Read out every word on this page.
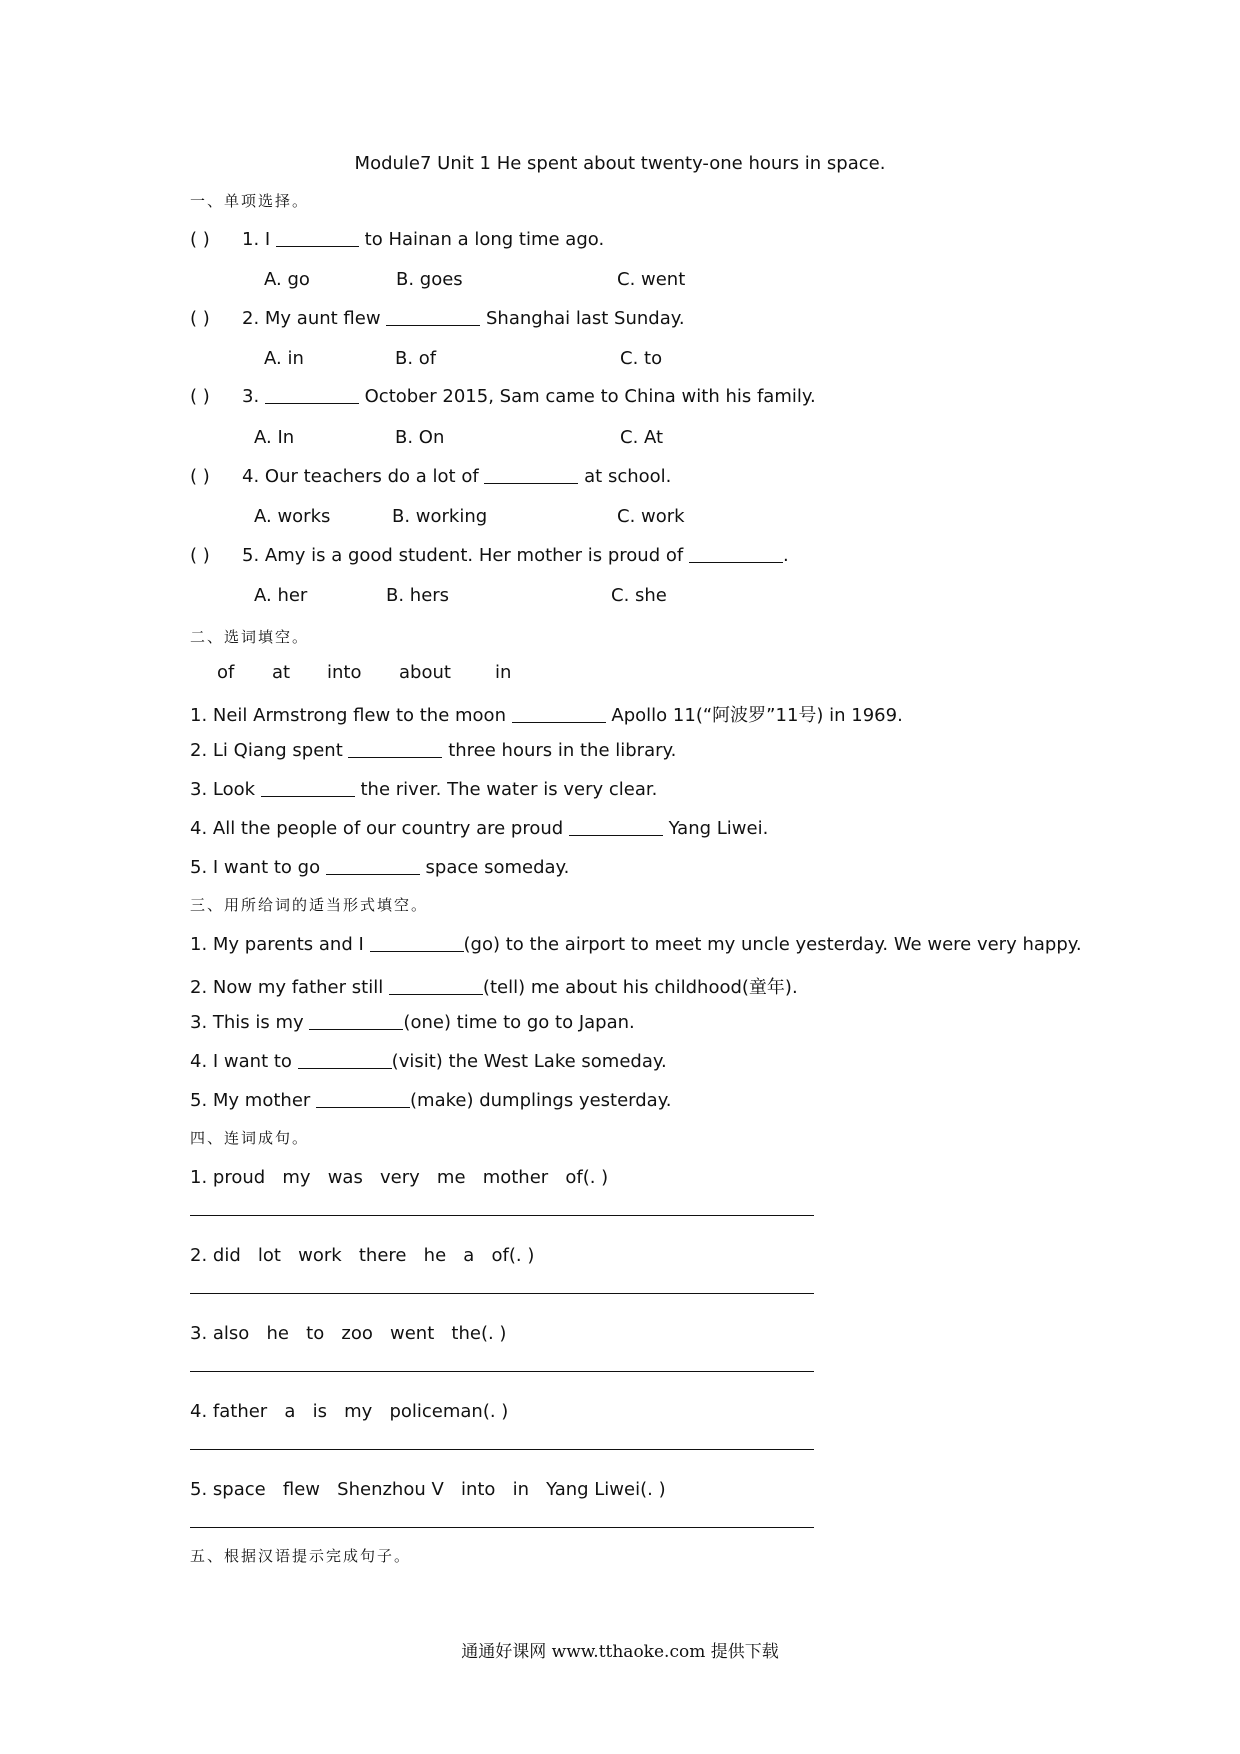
Module7 Unit 1 He spent about twenty-one hours in space.
一、单项选择。
( ) 1. I	to Hainan a long time ago.
A. go	B. goes	C. went
( ) 2. My aunt flew	Shanghai last Sunday.
A. in	B. of	C. to
( ) 3.	October 2015, Sam came to China with his family.
A. In	B. On	C. At
( ) 4. Our teachers do a lot of	at school.
A. works	B. working	C. work
( ) 5. Amy is a good student. Her mother is proud of	.
A. her	B. hers	C. she
二、选词填空。
of at into about in
1. Neil Armstrong flew to the moon	Apollo 11(“阿波罗”11号) in 1969.
2. Li Qiang spent	three hours in the library.
3. Look	the river. The water is very clear.
4. All the people of our country are proud	Yang Liwei.
5. I want to go	space someday.
三、用所给词的适当形式填空。
1. My parents and I	(go) to the airport to meet my uncle yesterday. We were very happy.
2. Now my father still	(tell) me about his childhood(童年).
3. This is my	(one) time to go to Japan.
4. I want to	(visit) the West Lake someday.
5. My mother	(make) dumplings yesterday.
四、连词成句。
1. proud   my   was   very   me   mother   of(. )
2. did   lot   work   there   he   a   of(. )
3. also   he   to   zoo   went   the(. )
4. father   a   is   my   policeman(. )
5. space   flew   Shenzhou V   into   in   Yang Liwei(. )
五、根据汉语提示完成句子。
通通好课网 www.tthaoke.com 提供下载
